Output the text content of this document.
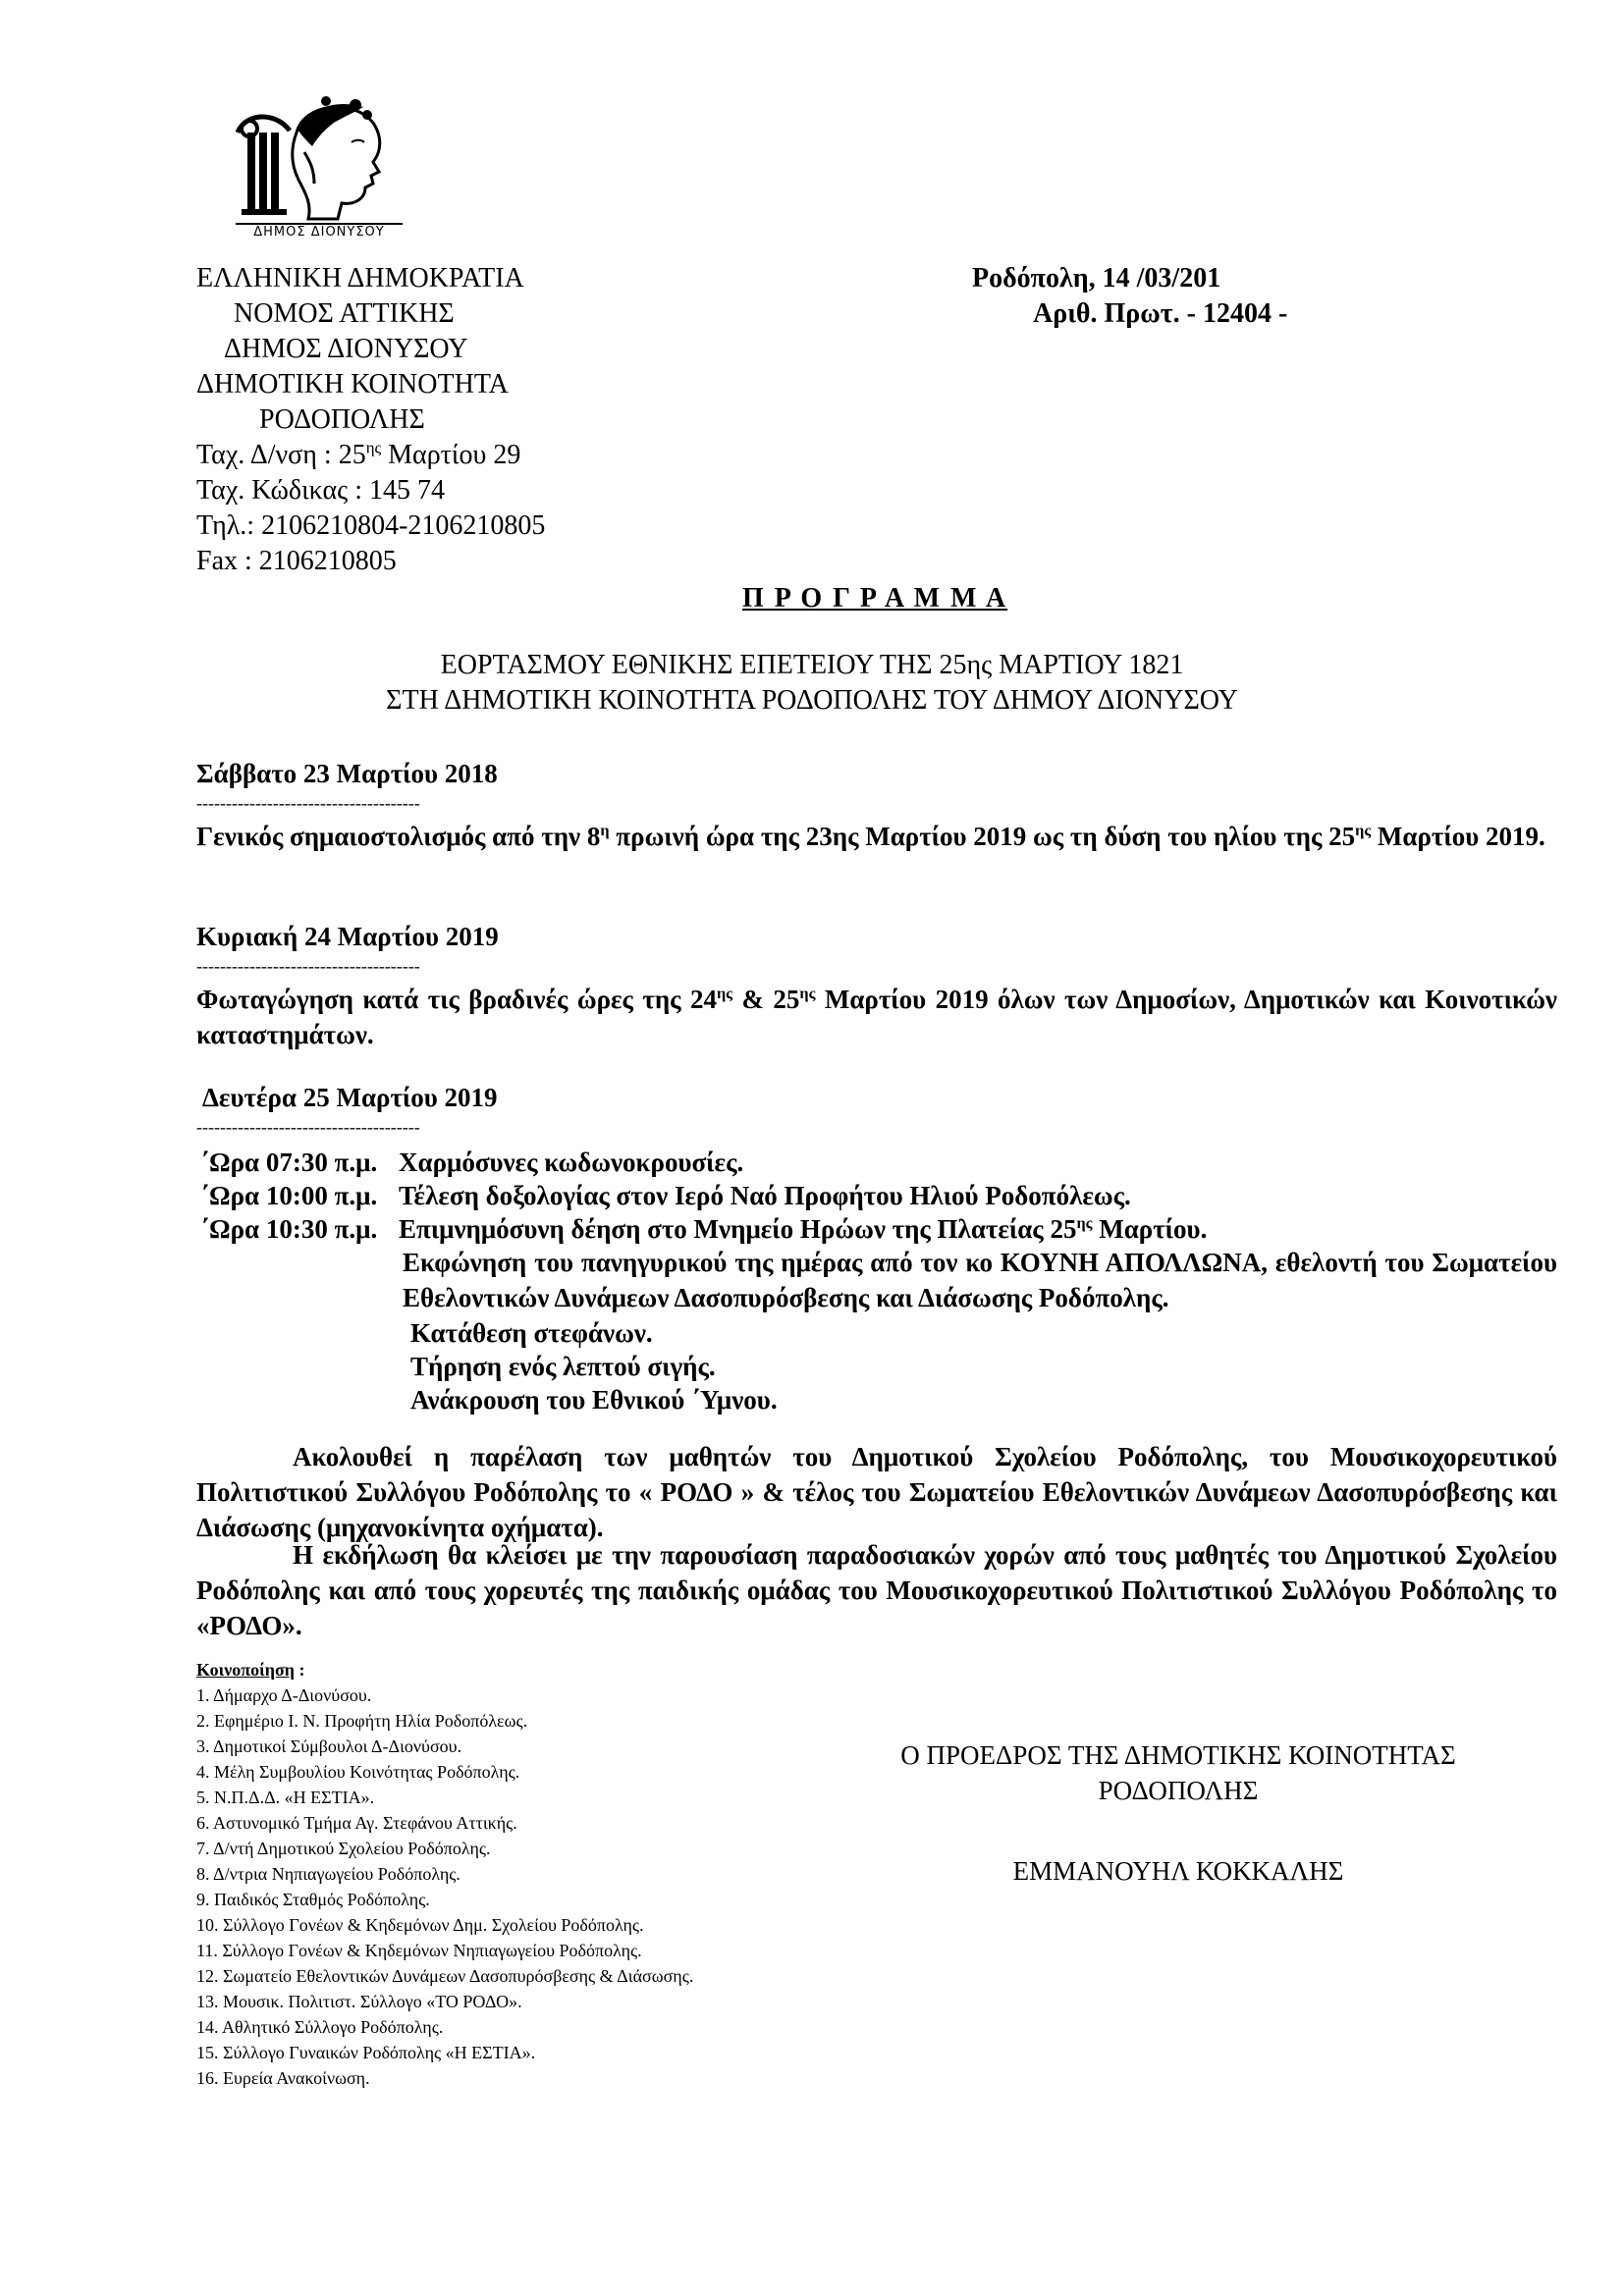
ΔΗΜΟΣ ΔΙΟΝΥΣΟΥ
ΕΛΛΗΝΙΚΗ ΔΗΜΟΚΡΑΤΙΑ
ΝΟΜΟΣ ΑΤΤΙΚΗΣ
ΔΗΜΟΣ ΔΙΟΝΥΣΟΥ
ΔΗΜΟΤΙΚΗ ΚΟΙΝΟΤΗΤΑ
ΡΟΔΟΠΟΛΗΣ
Ταχ. Δ/νση : $25^{\eta\varsigma}$ Μαρτίου 29
Ταχ. Κώδικας : 145 74
Τηλ.: 2106210804-2106210805
Fax : 2106210805
Ροδόπολη, 14 /03/201
Αριθ. Πρωτ. - 12404 -
Π Ρ Ο Γ Ρ Α Μ Μ Α
ΕΟΡΤΑΣΜΟΥ ΕΘΝΙΚΗΣ ΕΠΕΤΕΙΟΥ ΤΗΣ 25ης ΜΑΡΤΙΟΥ 1821
ΣΤΗ ΔΗΜΟΤΙΚΗ ΚΟΙΝΟΤΗΤΑ ΡΟΔΟΠΟΛΗΣ ΤΟΥ ΔΗΜΟΥ ΔΙΟΝΥΣΟΥ
Σάββατο 23 Μαρτίου 2018
--------------------------------------
Γενικός σημαιοστολισμός από την $8^\eta$ πρωινή ώρα της 23ης Μαρτίου 2019 ως τη δύση του ηλίου της $25^{\eta\varsigma}$ Μαρτίου 2019.
Κυριακή 24 Μαρτίου 2019
--------------------------------------
Φωταγώγηση κατά τις βραδινές ώρες της $24^{\eta\varsigma}$ & $25^{\eta\varsigma}$ Μαρτίου 2019 όλων των Δημοσίων, Δημοτικών και Κοινοτικών καταστημάτων.
Δευτέρα 25 Μαρτίου 2019
--------------------------------------
΄Ωρα 07:30 π.μ. Χαρμόσυνες κωδωνοκρουσίες.
΄Ωρα 10:00 π.μ. Τέλεση δοξολογίας στον Ιερό Ναό Προφήτου Ηλιού Ροδοπόλεως.
΄Ωρα 10:30 π.μ. Επιμνημόσυνη δέηση στο Μνημείο Ηρώων της Πλατείας $25^{\eta\varsigma}$ Μαρτίου.
Εκφώνηση του πανηγυρικού της ημέρας από τον κο ΚΟΥΝΗ ΑΠΟΛΛΩΝΑ, εθελοντή του Σωματείου Εθελοντικών Δυνάμεων Δασοπυρόσβεσης και Διάσωσης Ροδόπολης.
Κατάθεση στεφάνων.
Τήρηση ενός λεπτού σιγής.
Ανάκρουση του Εθνικού ΄Υμνου.
Ακολουθεί η παρέλαση των μαθητών του Δημοτικού Σχολείου Ροδόπολης, του Μουσικοχορευτικού Πολιτιστικού Συλλόγου Ροδόπολης το « ΡΟΔΟ » & τέλος του Σωματείου Εθελοντικών Δυνάμεων Δασοπυρόσβεσης και Διάσωσης (μηχανοκίνητα οχήματα).
Η εκδήλωση θα κλείσει με την παρουσίαση παραδοσιακών χορών από τους μαθητές του Δημοτικού Σχολείου Ροδόπολης και από τους χορευτές της παιδικής ομάδας του Μουσικοχορευτικού Πολιτιστικού Συλλόγου Ροδόπολης το «ΡΟΔΟ».
Κοινοποίηση :
1. Δήμαρχο Δ-Διονύσου.
2. Εφημέριο Ι. Ν. Προφήτη Ηλία Ροδοπόλεως.
3. Δημοτικοί Σύμβουλοι Δ-Διονύσου.
4. Μέλη Συμβουλίου Κοινότητας Ροδόπολης.
5. Ν.Π.Δ.Δ. «Η ΕΣΤΙΑ».
6. Αστυνομικό Τμήμα Αγ. Στεφάνου Αττικής.
7. Δ/ντή Δημοτικού Σχολείου Ροδόπολης.
8. Δ/ντρια Νηπιαγωγείου Ροδόπολης.
9. Παιδικός Σταθμός Ροδόπολης.
10. Σύλλογο Γονέων & Κηδεμόνων Δημ. Σχολείου Ροδόπολης.
11. Σύλλογο Γονέων & Κηδεμόνων Νηπιαγωγείου Ροδόπολης.
12. Σωματείο Εθελοντικών Δυνάμεων Δασοπυρόσβεσης & Διάσωσης.
13. Μουσικ. Πολιτιστ. Σύλλογο «ΤΟ ΡΟΔΟ».
14. Αθλητικό Σύλλογο Ροδόπολης.
15. Σύλλογο Γυναικών Ροδόπολης «Η ΕΣΤΙΑ».
16. Ευρεία Ανακοίνωση.
Ο ΠΡΟΕΔΡΟΣ ΤΗΣ ΔΗΜΟΤΙΚΗΣ ΚΟΙΝΟΤΗΤΑΣ
ΡΟΔΟΠΟΛΗΣ
ΕΜΜΑΝΟΥΗΛ ΚΟΚΚΑΛΗΣ
